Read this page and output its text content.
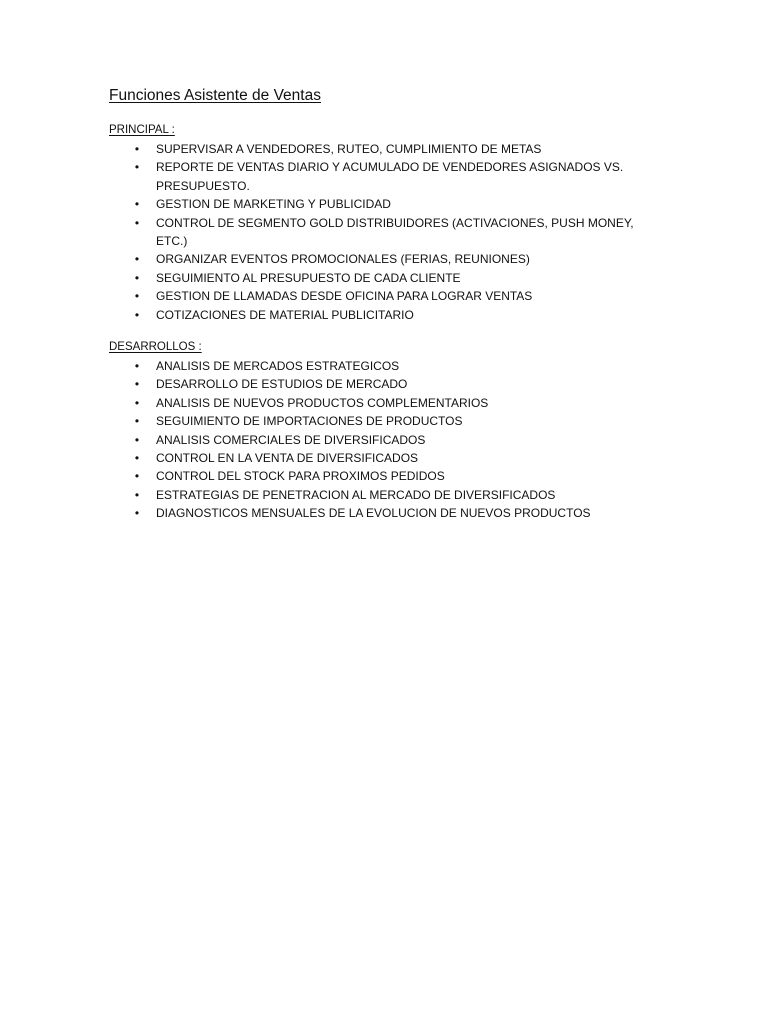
Funciones Asistente de Ventas
PRINCIPAL :
•	SUPERVISAR A VENDEDORES, RUTEO, CUMPLIMIENTO DE METAS
•	REPORTE DE VENTAS DIARIO Y ACUMULADO DE VENDEDORES ASIGNADOS VS. PRESUPUESTO.
•	GESTION DE MARKETING Y PUBLICIDAD
•	CONTROL DE SEGMENTO GOLD DISTRIBUIDORES (ACTIVACIONES, PUSH MONEY, ETC.)
•	ORGANIZAR EVENTOS PROMOCIONALES (FERIAS, REUNIONES)
•	SEGUIMIENTO AL PRESUPUESTO DE CADA CLIENTE
•	GESTION DE LLAMADAS DESDE OFICINA PARA LOGRAR VENTAS
•	COTIZACIONES DE MATERIAL PUBLICITARIO
DESARROLLOS :
•	ANALISIS DE MERCADOS ESTRATEGICOS
•	DESARROLLO DE ESTUDIOS DE MERCADO
•	ANALISIS DE NUEVOS PRODUCTOS COMPLEMENTARIOS
•	SEGUIMIENTO DE IMPORTACIONES DE PRODUCTOS
•	ANALISIS COMERCIALES DE DIVERSIFICADOS
•	CONTROL EN LA VENTA DE DIVERSIFICADOS
•	CONTROL DEL STOCK PARA PROXIMOS PEDIDOS
•	ESTRATEGIAS DE PENETRACION AL MERCADO DE DIVERSIFICADOS
•	DIAGNOSTICOS MENSUALES DE LA EVOLUCION DE NUEVOS PRODUCTOS
